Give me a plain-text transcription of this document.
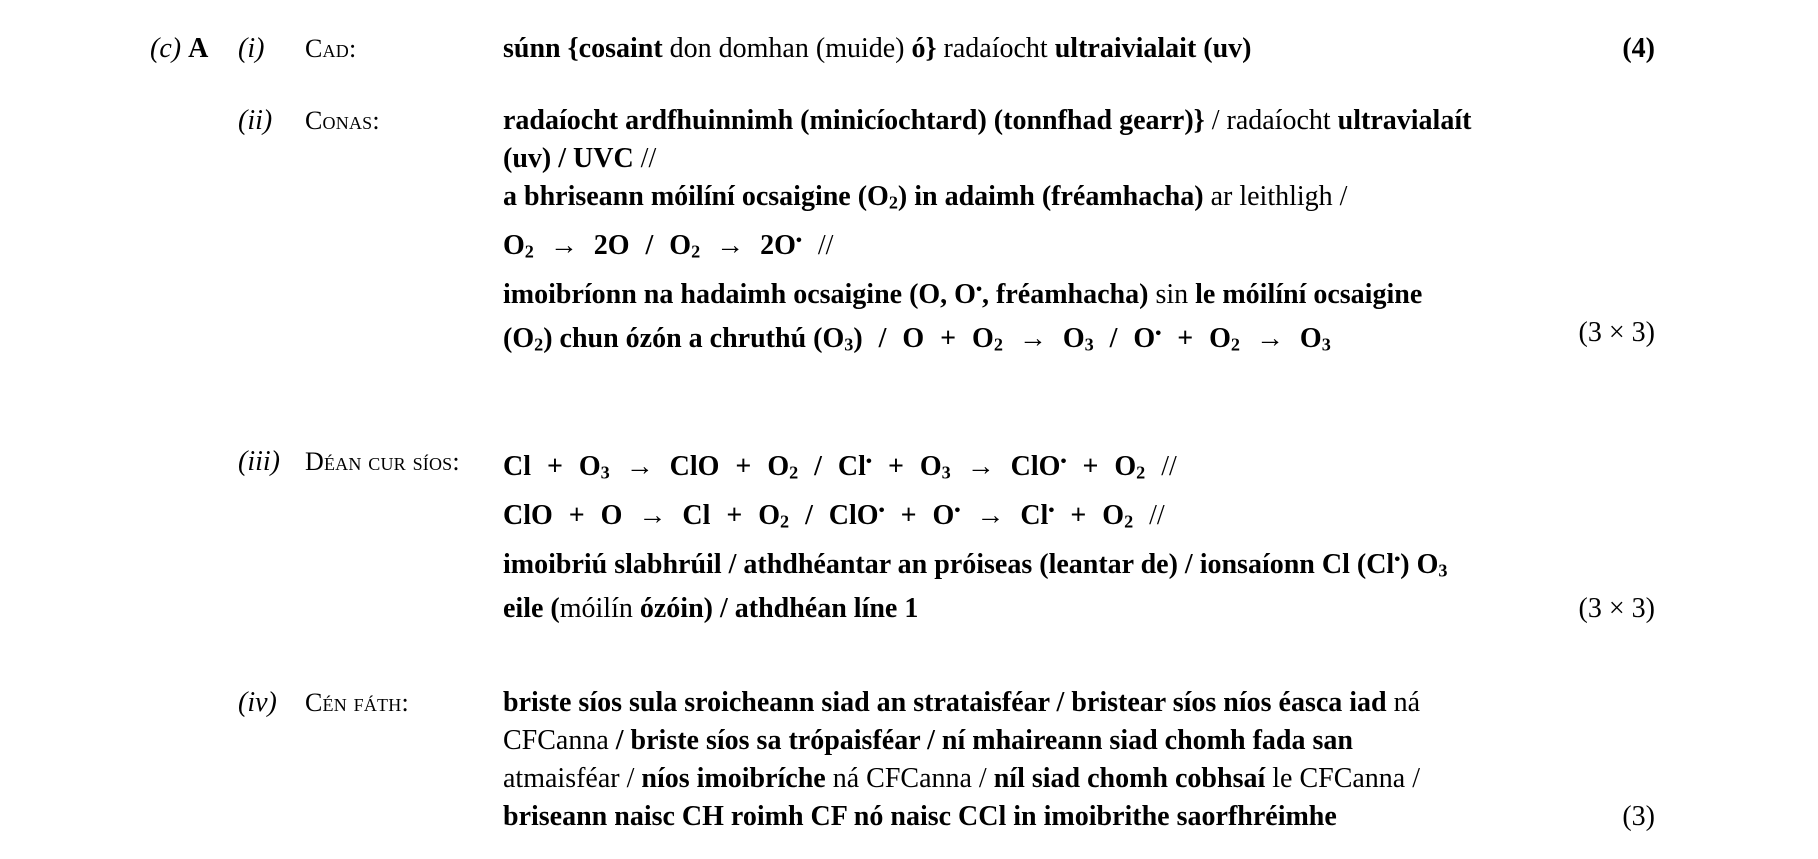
(c) A	(i)	Cad:	súnn {cosaint don domhan (muide) ó} radaíocht ultraivialait (uv)	(4)
(ii)	Conas:	radaíocht ardfhuinnimh (minicíochtard) (tonnfhad gearr)} / radaíocht ultravialaít
(uv) / UVC //
a bhriseann móilíní ocsaigine (O2) in adaimh (fréamhacha) ar leithligh /
O2 → 2O / O2 → 2O• //
imoibríonn na hadaimh ocsaigine (O, O•, fréamhacha) sin le móilíní ocsaigine
(O2) chun ózón a chruthú (O3) / O + O2 → O3 / O• + O2 → O3	(3 × 3)
(iii) Déan cur síos:	Cl + O3 → ClO + O2 / Cl• + O3 → ClO• + O2 //
ClO + O → Cl + O2 / ClO• + O• → Cl• + O2 //
imoibriú slabhrúil / athdhéantar an próiseas (leantar de) / ionsaíonn Cl (Cl•) O3
eile (móilín ózóin) / athdhéan líne 1	(3 × 3)
(iv)	Cén fáth:	briste síos sula sroicheann siad an strataisféar / bristear síos níos éasca iad ná
CFCanna / briste síos sa trópaisféar / ní mhaireann siad chomh fada san
atmaisféar / níos imoibríche ná CFCanna / níl siad chomh cobhsaí le CFCanna /
briseann naisc CH roimh CF nó naisc CCl in imoibrithe saorfhréimhe	(3)
